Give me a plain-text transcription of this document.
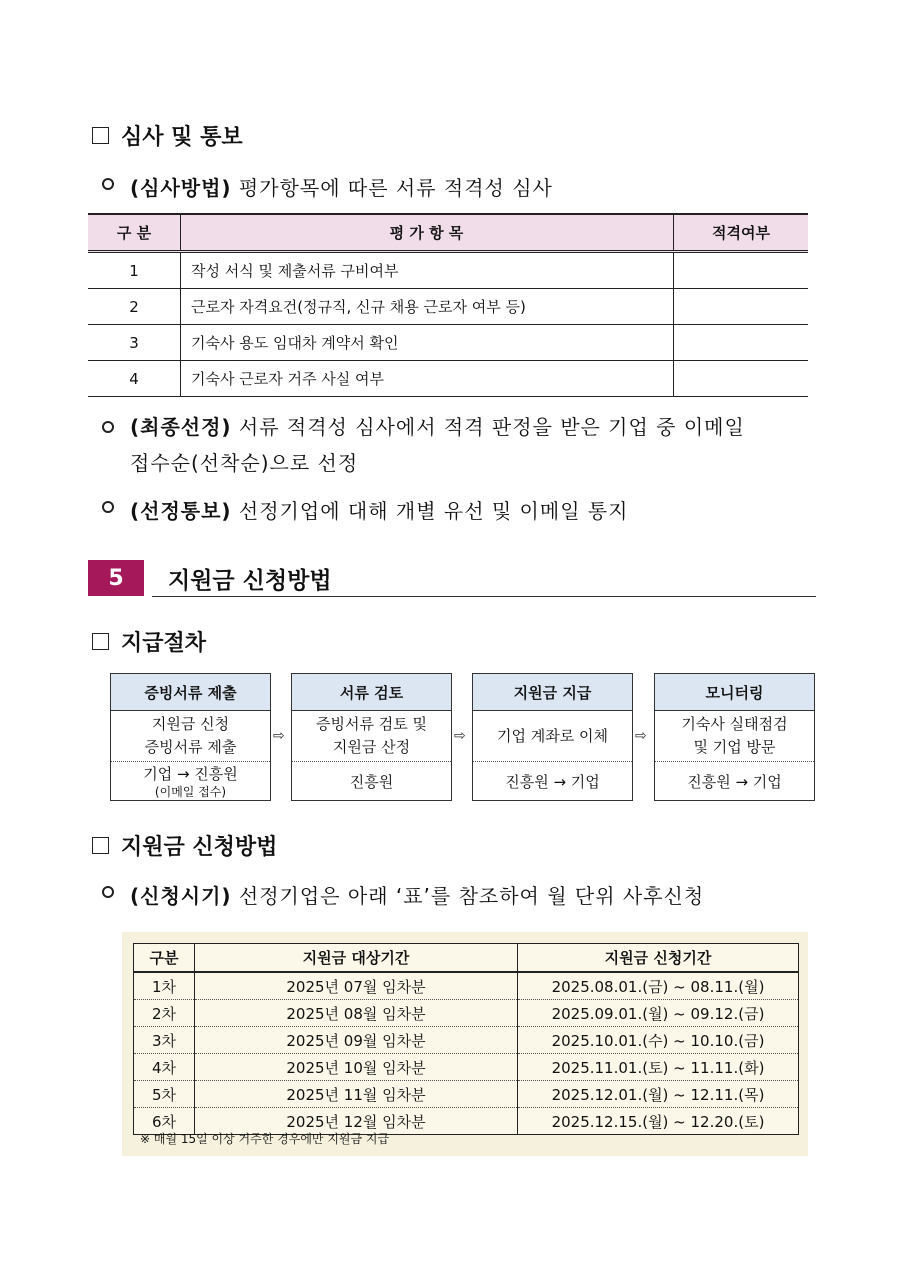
심사 및 통보
(심사방법) 평가항목에 따른 서류 적격성 심사
구 분	평 가 항 목	적격여부
1	작성 서식 및 제출서류 구비여부	
2	근로자 자격요건(정규직, 신규 채용 근로자 여부 등)	
3	기숙사 용도 임대차 계약서 확인	
4	기숙사 근로자 거주 사실 여부	
(최종선정) 서류 적격성 심사에서 적격 판정을 받은 기업 중 이메일
접수순(선착순)으로 선정
(선정통보) 선정기업에 대해 개별 유선 및 이메일 통지
5	지원금 신청방법
지급절차
증빙서류 제출
지원금 신청
증빙서류 제출
기업 → 진흥원
(이메일 접수)
⇨
서류 검토
증빙서류 검토 및
지원금 산정
진흥원
⇨
지원금 지급
기업 계좌로 이체
진흥원 → 기업
⇨
모니터링
기숙사 실태점검
및 기업 방문
진흥원 → 기업
지원금 신청방법
(신청시기) 선정기업은 아래 ‘표’를 참조하여 월 단위 사후신청
구분	지원금 대상기간	지원금 신청기간
1차	2025년 07월 임차분	2025.08.01.(금) ~ 08.11.(월)
2차	2025년 08월 임차분	2025.09.01.(월) ~ 09.12.(금)
3차	2025년 09월 임차분	2025.10.01.(수) ~ 10.10.(금)
4차	2025년 10월 임차분	2025.11.01.(토) ~ 11.11.(화)
5차	2025년 11월 임차분	2025.12.01.(월) ~ 12.11.(목)
6차	2025년 12월 임차분	2025.12.15.(월) ~ 12.20.(토)
※ 매월 15일 이상 거주한 경우에만 지원금 지급
